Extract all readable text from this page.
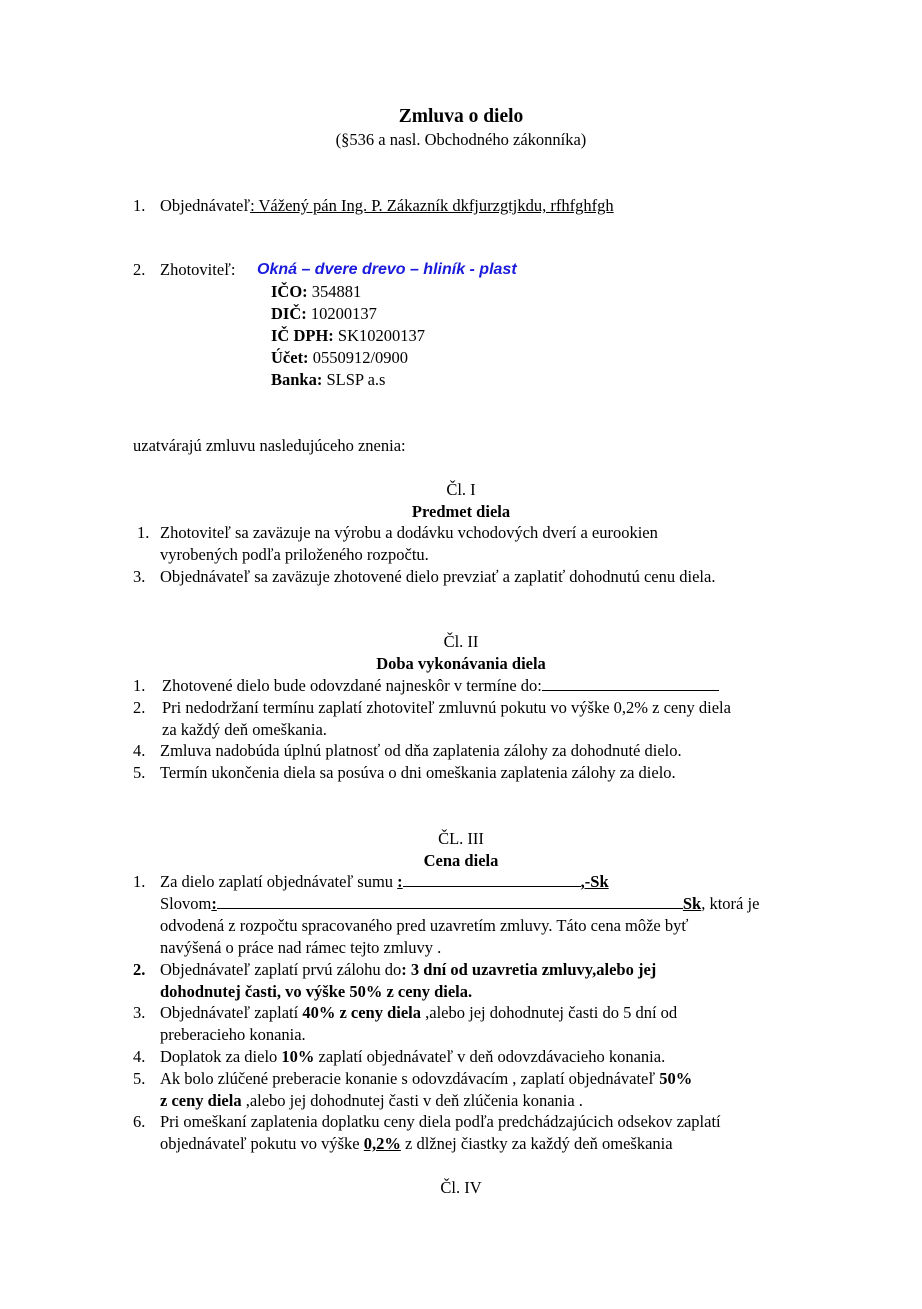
Zmluva o dielo
(§536 a nasl. Obchodného zákonníka)
1. Objednávateľ: Vážený pán Ing. P. Zákazník dkfjurzgtjkdu, rfhfghfgh
2. Zhotoviteľ: Okná – dvere drevo – hliník - plast
IČO: 354881
DIČ: 10200137
IČ DPH: SK10200137
Účet: 0550912/0900
Banka: SLSP a.s
uzatvárajú zmluvu nasledujúceho znenia:
Čl. I
Predmet diela
1. Zhotoviteľ sa zaväzuje na výrobu a dodávku vchodových dverí a eurookien
vyrobených podľa priloženého rozpočtu.
3. Objednávateľ sa zaväzuje zhotovené dielo prevziať a zaplatiť dohodnutú cenu diela.
Čl. II
Doba vykonávania diela
1. Zhotovené dielo bude odovzdané najneskôr v termíne do:
2. Pri nedodržaní termínu zaplatí zhotoviteľ zmluvnú pokutu vo výške 0,2% z ceny diela
za každý deň omeškania.
4. Zmluva nadobúda úplnú platnosť od dňa zaplatenia zálohy za dohodnuté dielo.
5. Termín ukončenia diela sa posúva o dni omeškania zaplatenia zálohy za dielo.
ČL. III
Cena diela
1. Za dielo zaplatí objednávateľ sumu :	,-Sk
Slovom:	Sk, ktorá je
odvodená z rozpočtu spracovaného pred uzavretím zmluvy. Táto cena môže byť
navýšená o práce nad rámec tejto zmluvy .
2. Objednávateľ zaplatí prvú zálohu do: 3 dní od uzavretia zmluvy,alebo jej
dohodnutej časti, vo výške 50% z ceny diela.
3. Objednávateľ zaplatí 40% z ceny diela ,alebo jej dohodnutej časti do 5 dní od
preberacieho konania.
4. Doplatok za dielo 10% zaplatí objednávateľ v deň odovzdávacieho konania.
5. Ak bolo zlúčené preberacie konanie s odovzdávacím , zaplatí objednávateľ 50%
z ceny diela ,alebo jej dohodnutej časti v deň zlúčenia konania .
6. Pri omeškaní zaplatenia doplatku ceny diela podľa predchádzajúcich odsekov zaplatí
objednávateľ pokutu vo výške 0,2% z dlžnej čiastky za každý deň omeškania
Čl. IV
